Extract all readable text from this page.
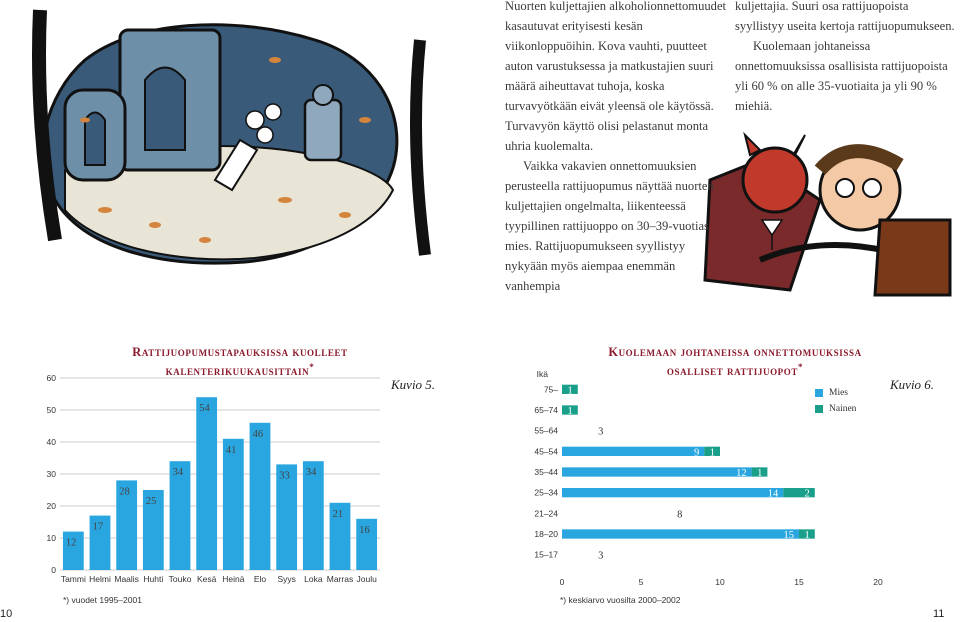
Nuorten kuljettajien alkoholionnettomuudet kasautuvat erityisesti kesän viikonloppuöihin. Kova vauhti, puutteet auton varustuksessa ja matkustajien suuri määrä aiheuttavat tuhoja, koska turvavyötkään eivät yleensä ole käytössä. Turvavyön käyttö olisi pelastanut monta uhria kuolemalta.

Vaikka vakavien onnettomuuksien perusteella rattijuopumus näyttää nuorten kuljettajien ongelmalta, liikenteessä tyypillinen rattijuoppo on 30–39-vuotias mies. Rattijuopumukseen syyllistyy nykyään myös aiempaa enemmän vanhempia

kuljettajia. Suuri osa rattijuopoista syyllistyy useita kertoja rattijuopumukseen.

Kuolemaan johtaneissa onnettomuuksissa osallisista rattijuopoista yli 60 % on alle 35-vuotiaita ja yli 90 % miehiä.

Rattijuopumustapauksissa kuolleet
kalenterikuukausittain*
Kuvio 5.
0
10
20
30
40
50
60
12
Tammi
17
Helmi
28
Maalis
25
Huhti
34
Touko
54
Kesä
41
Heinä
46
Elo
33
Syys
34
Loka
21
Marras
16
Joulu
*) vuodet 1995–2001
Kuolemaan johtaneissa onnettomuuksissa
osalliset rattijuopot*
Kuvio 6.
Ikä
0	5	10	15	20
75– 1
65–74 1
55–64	3
45–54	9 1
35–44	12 1
25–34	14	2
21–24	8
18–20	15 1
15–17	3
Mies
Nainen
*) keskiarvo vuosilta 2000–2002
10	11
